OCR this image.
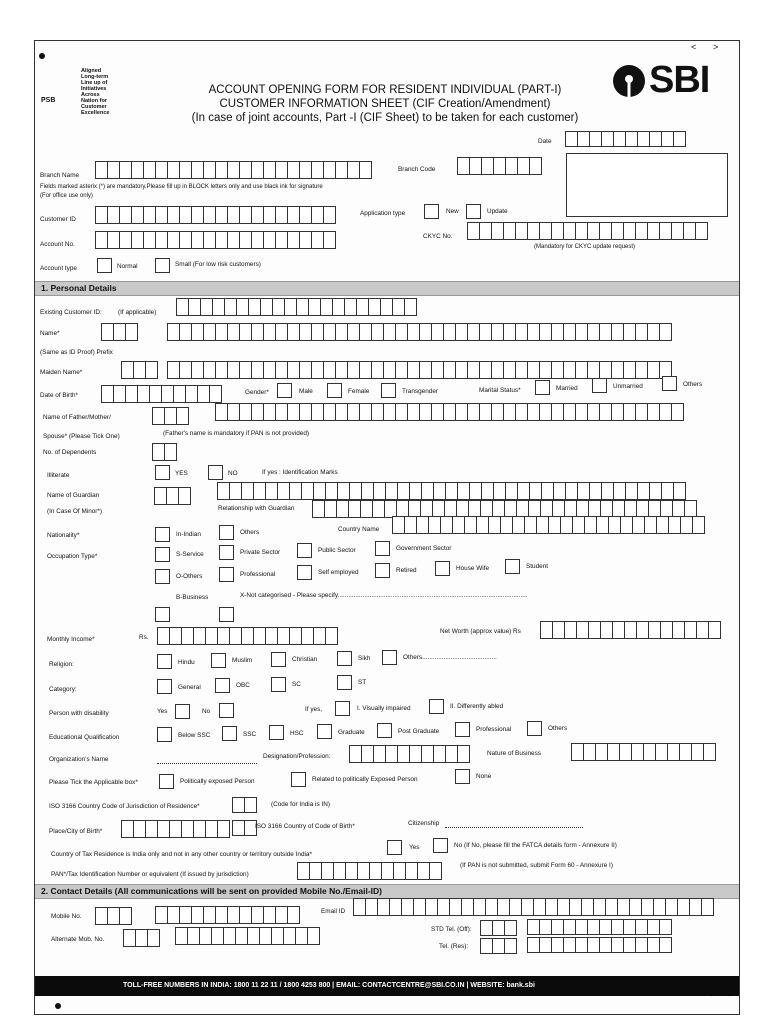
< >
PSB
Aligned
Long-term
Line up of
Initiatives
Across
Nation for
Customer
Excellence
ACCOUNT OPENING FORM FOR RESIDENT INDIVIDUAL (PART-I)
CUSTOMER INFORMATION SHEET (CIF Creation/Amendment)
(In case of joint accounts, Part -I (CIF Sheet) to be taken for each customer)
SBI
Date
Branch Name
Branch Code
Fields marked asterix (*) are mandatory.Please fill up in BLOCK letters only and use black ink for signature
(For office use only)
Customer ID
Application type	New	Update
Account No.
CKYC No.
(Mandatory for CKYC update request)
Account type	Normal	Small (For low risk customers)
1. Personal Details
Existing Customer ID:	(If applicable)
Name*
(Same as ID Proof) Prefix
Maiden Name*
Date of Birth*	Gender*	Male	Female	Transgender	Marital Status*	Married	Unmarried	Others
Name of Father/Mother/
Spouse* (Please Tick One)	(Father's name is mandatory if PAN is not provided)
No. of Dependents
Illiterate	YES	NO	If yes : Identification Marks
Name of Guardian
(In Case Of Minor*)	Relationship with Guardian
Nationality*	In-Indian	Others	Country Name
Occupation Type*	S-Service	Private Sector	Public Sector	Government Sector
O-Others	Professional	Self employed	Retired	House Wife	Student
B-Business	X-Not categorised - Please specify...........................................................................................................
Monthly Income*	Rs.
Net Worth (approx value) Rs
Religion:	Hindu	Muslim	Christian	Sikh	Others..........................................
Category:	General	OBC	SC	ST
Person with disability	Yes	No	If yes,	I. Visually impaired	II. Differently abled
Educational Qualification	Below SSC	SSC	HSC	Graduate	Post Graduate	Professional	Others
Organization's Name	Designation/Profession:	Nature of Business
Please Tick the Applicable box*	Politically exposed Person	Related to politically Exposed Person	None
ISO 3166 Country Code of Jurisdiction of Residence*	(Code for India is IN)
Place/City of Birth*
ISO 3166 Country of Code of Birth*	Citizenship
Country of Tax Residence is India only and not in any other country or territory outside India*
Yes	No (If No, please fill the FATCA details form - Annexure II)
PAN*/Tax Identification Number or equivalent (If issued by jurisdiction)
(If PAN is not submitted, submit Form 60 - Annexure I)
2. Contact Details (All communications will be sent on provided Mobile No./Email-ID)
Mobile No.
Email ID
Alternate Mob. No.
STD Tel. (Off):
Tel. (Res):
TOLL-FREE NUMBERS IN INDIA: 1800 11 22 11 / 1800 4253 800 | EMAIL: CONTACTCENTRE@SBI.CO.IN | WEBSITE: bank.sbi
